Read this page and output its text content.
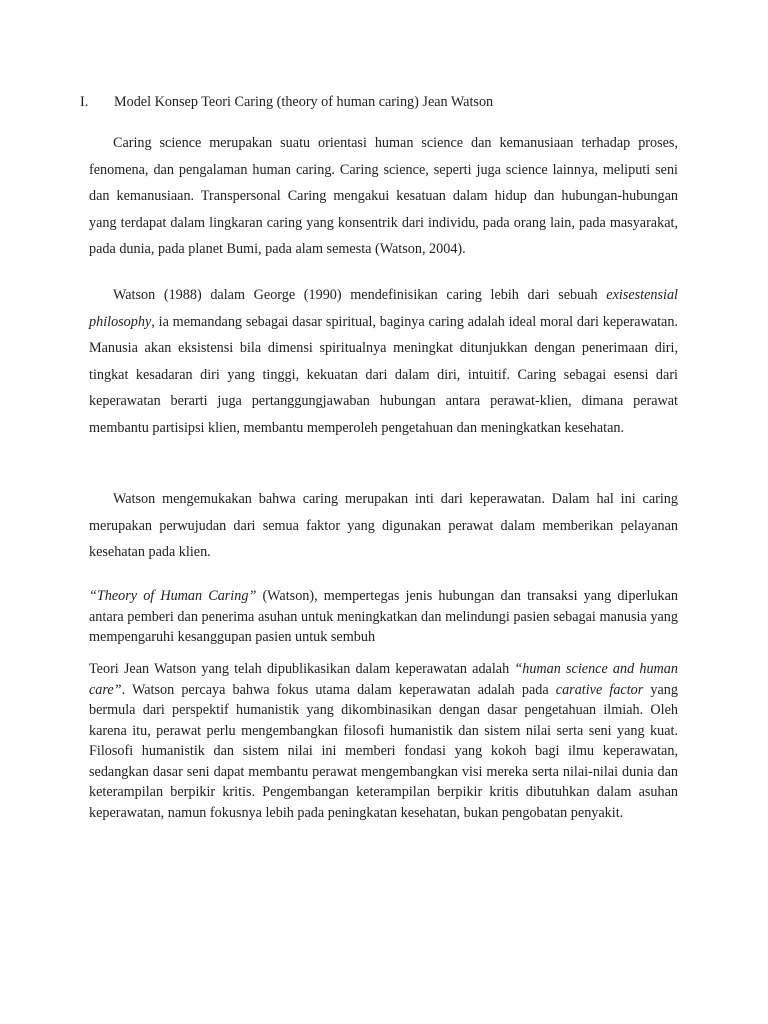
I. Model Konsep Teori Caring (theory of human caring) Jean Watson

Caring science merupakan suatu orientasi human science dan kemanusiaan terhadap proses, fenomena, dan pengalaman human caring. Caring science, seperti juga science lainnya, meliputi seni dan kemanusiaan. Transpersonal Caring mengakui kesatuan dalam hidup dan hubungan-hubungan yang terdapat dalam lingkaran caring yang konsentrik dari individu, pada orang lain, pada masyarakat, pada dunia, pada planet Bumi, pada alam semesta (Watson, 2004).

Watson (1988) dalam George (1990) mendefinisikan caring lebih dari sebuah exisestensial philosophy, ia memandang sebagai dasar spiritual, baginya caring adalah ideal moral dari keperawatan. Manusia akan eksistensi bila dimensi spiritualnya meningkat ditunjukkan dengan penerimaan diri, tingkat kesadaran diri yang tinggi, kekuatan dari dalam diri, intuitif. Caring sebagai esensi dari keperawatan berarti juga pertanggungjawaban hubungan antara perawat-klien, dimana perawat membantu partisipsi klien, membantu memperoleh pengetahuan dan meningkatkan kesehatan.

Watson mengemukakan bahwa caring merupakan inti dari keperawatan. Dalam hal ini caring merupakan perwujudan dari semua faktor yang digunakan perawat dalam memberikan pelayanan kesehatan pada klien.

“Theory of Human Caring” (Watson), mempertegas jenis hubungan dan transaksi yang diperlukan antara pemberi dan penerima asuhan untuk meningkatkan dan melindungi pasien sebagai manusia yang mempengaruhi kesanggupan pasien untuk sembuh

Teori Jean Watson yang telah dipublikasikan dalam keperawatan adalah “human science and human care”. Watson percaya bahwa fokus utama dalam keperawatan adalah pada carative factor yang bermula dari perspektif humanistik yang dikombinasikan dengan dasar pengetahuan ilmiah. Oleh karena itu, perawat perlu mengembangkan filosofi humanistik dan sistem nilai serta seni yang kuat. Filosofi humanistik dan sistem nilai ini memberi fondasi yang kokoh bagi ilmu keperawatan, sedangkan dasar seni dapat membantu perawat mengembangkan visi mereka serta nilai-nilai dunia dan keterampilan berpikir kritis. Pengembangan keterampilan berpikir kritis dibutuhkan dalam asuhan keperawatan, namun fokusnya lebih pada peningkatan kesehatan, bukan pengobatan penyakit.
